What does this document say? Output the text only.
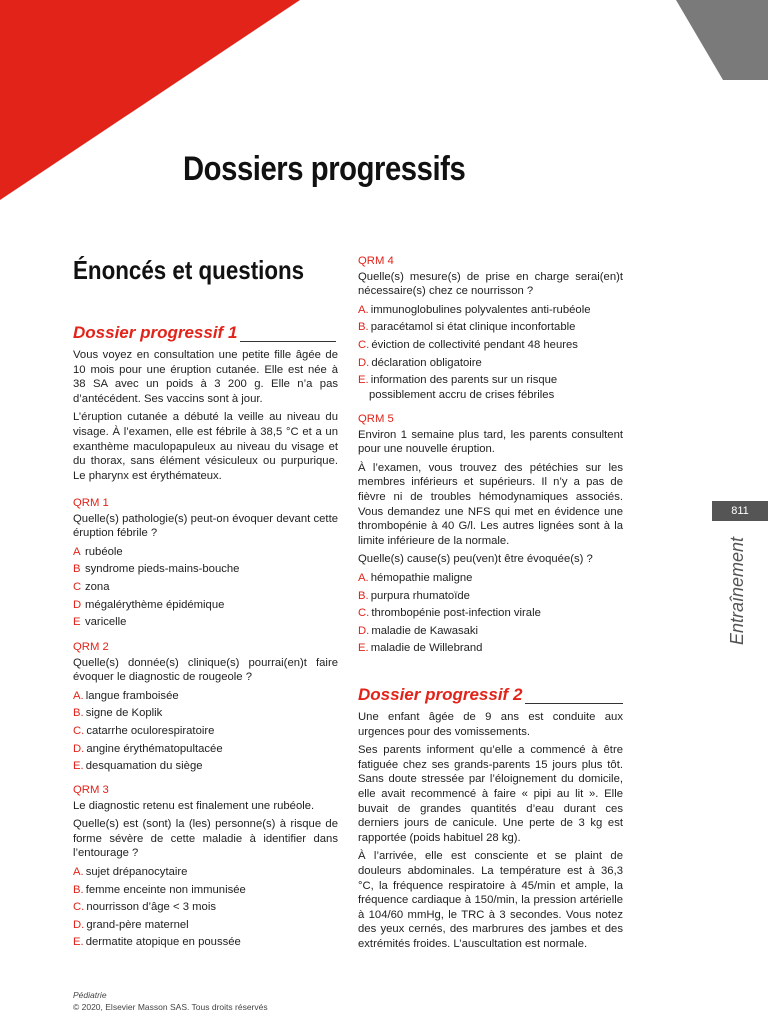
Dossiers progressifs
811
Entraînement
Énoncés et questions
Dossier progressif 1

Vous voyez en consultation une petite fille âgée de 10 mois pour une éruption cutanée. Elle est née à 38 SA avec un poids à 3 200 g. Elle n’a pas d’antécédent. Ses vaccins sont à jour.

L’éruption cutanée a débuté la veille au niveau du visage. À l’examen, elle est fébrile à 38,5 °C et a un exanthème maculopapuleux au niveau du visage et du thorax, sans élément vésiculeux ou purpurique. Le pharynx est érythémateux.

QRM 1

Quelle(s) pathologie(s) peut-on évoquer devant cette éruption fébrile ?

A rubéole

B syndrome pieds-mains-bouche

C zona

D mégalérythème épidémique

E varicelle

QRM 2

Quelle(s) donnée(s) clinique(s) pourrai(en)t faire évoquer le diagnostic de rougeole ?

A. langue framboisée

B. signe de Koplik

C. catarrhe oculorespiratoire

D. angine érythématopultacée

E. desquamation du siège

QRM 3

Le diagnostic retenu est finalement une rubéole.

Quelle(s) est (sont) la (les) personne(s) à risque de forme sévère de cette maladie à identifier dans l’entourage ?

A. sujet drépanocytaire

B. femme enceinte non immunisée

C. nourrisson d’âge < 3 mois

D. grand-père maternel

E. dermatite atopique en poussée

QRM 4

Quelle(s) mesure(s) de prise en charge serai(en)t nécessaire(s) chez ce nourrisson ?

A. immunoglobulines polyvalentes anti-rubéole

B. paracétamol si état clinique inconfortable

C. éviction de collectivité pendant 48 heures

D. déclaration obligatoire

E. information des parents sur un risque possiblement accru de crises fébriles

QRM 5

Environ 1 semaine plus tard, les parents consultent pour une nouvelle éruption.

À l’examen, vous trouvez des pétéchies sur les membres inférieurs et supérieurs. Il n’y a pas de fièvre ni de troubles hémodynamiques associés. Vous demandez une NFS qui met en évidence une thrombopénie à 40 G/l. Les autres lignées sont à la limite inférieure de la normale.

Quelle(s) cause(s) peu(ven)t être évoquée(s) ?

A. hémopathie maligne

B. purpura rhumatoïde

C. thrombopénie post-infection virale

D. maladie de Kawasaki

E. maladie de Willebrand

Dossier progressif 2

Une enfant âgée de 9 ans est conduite aux urgences pour des vomissements.

Ses parents informent qu’elle a commencé à être fatiguée chez ses grands-parents 15 jours plus tôt. Sans doute stressée par l’éloignement du domicile, elle avait recommencé à faire « pipi au lit ». Elle buvait de grandes quantités d’eau durant ces derniers jours de canicule. Une perte de 3 kg est rapportée (poids habituel 28 kg).

À l’arrivée, elle est consciente et se plaint de douleurs abdominales. La température est à 36,3 °C, la fréquence respiratoire à 45/min et ample, la fréquence cardiaque à 150/min, la pression artérielle à 104/60 mmHg, le TRC à 3 secondes. Vous notez des yeux cernés, des marbrures des jambes et des extrémités froides. L’auscultation est normale.

Pédiatrie
© 2020, Elsevier Masson SAS. Tous droits réservés
